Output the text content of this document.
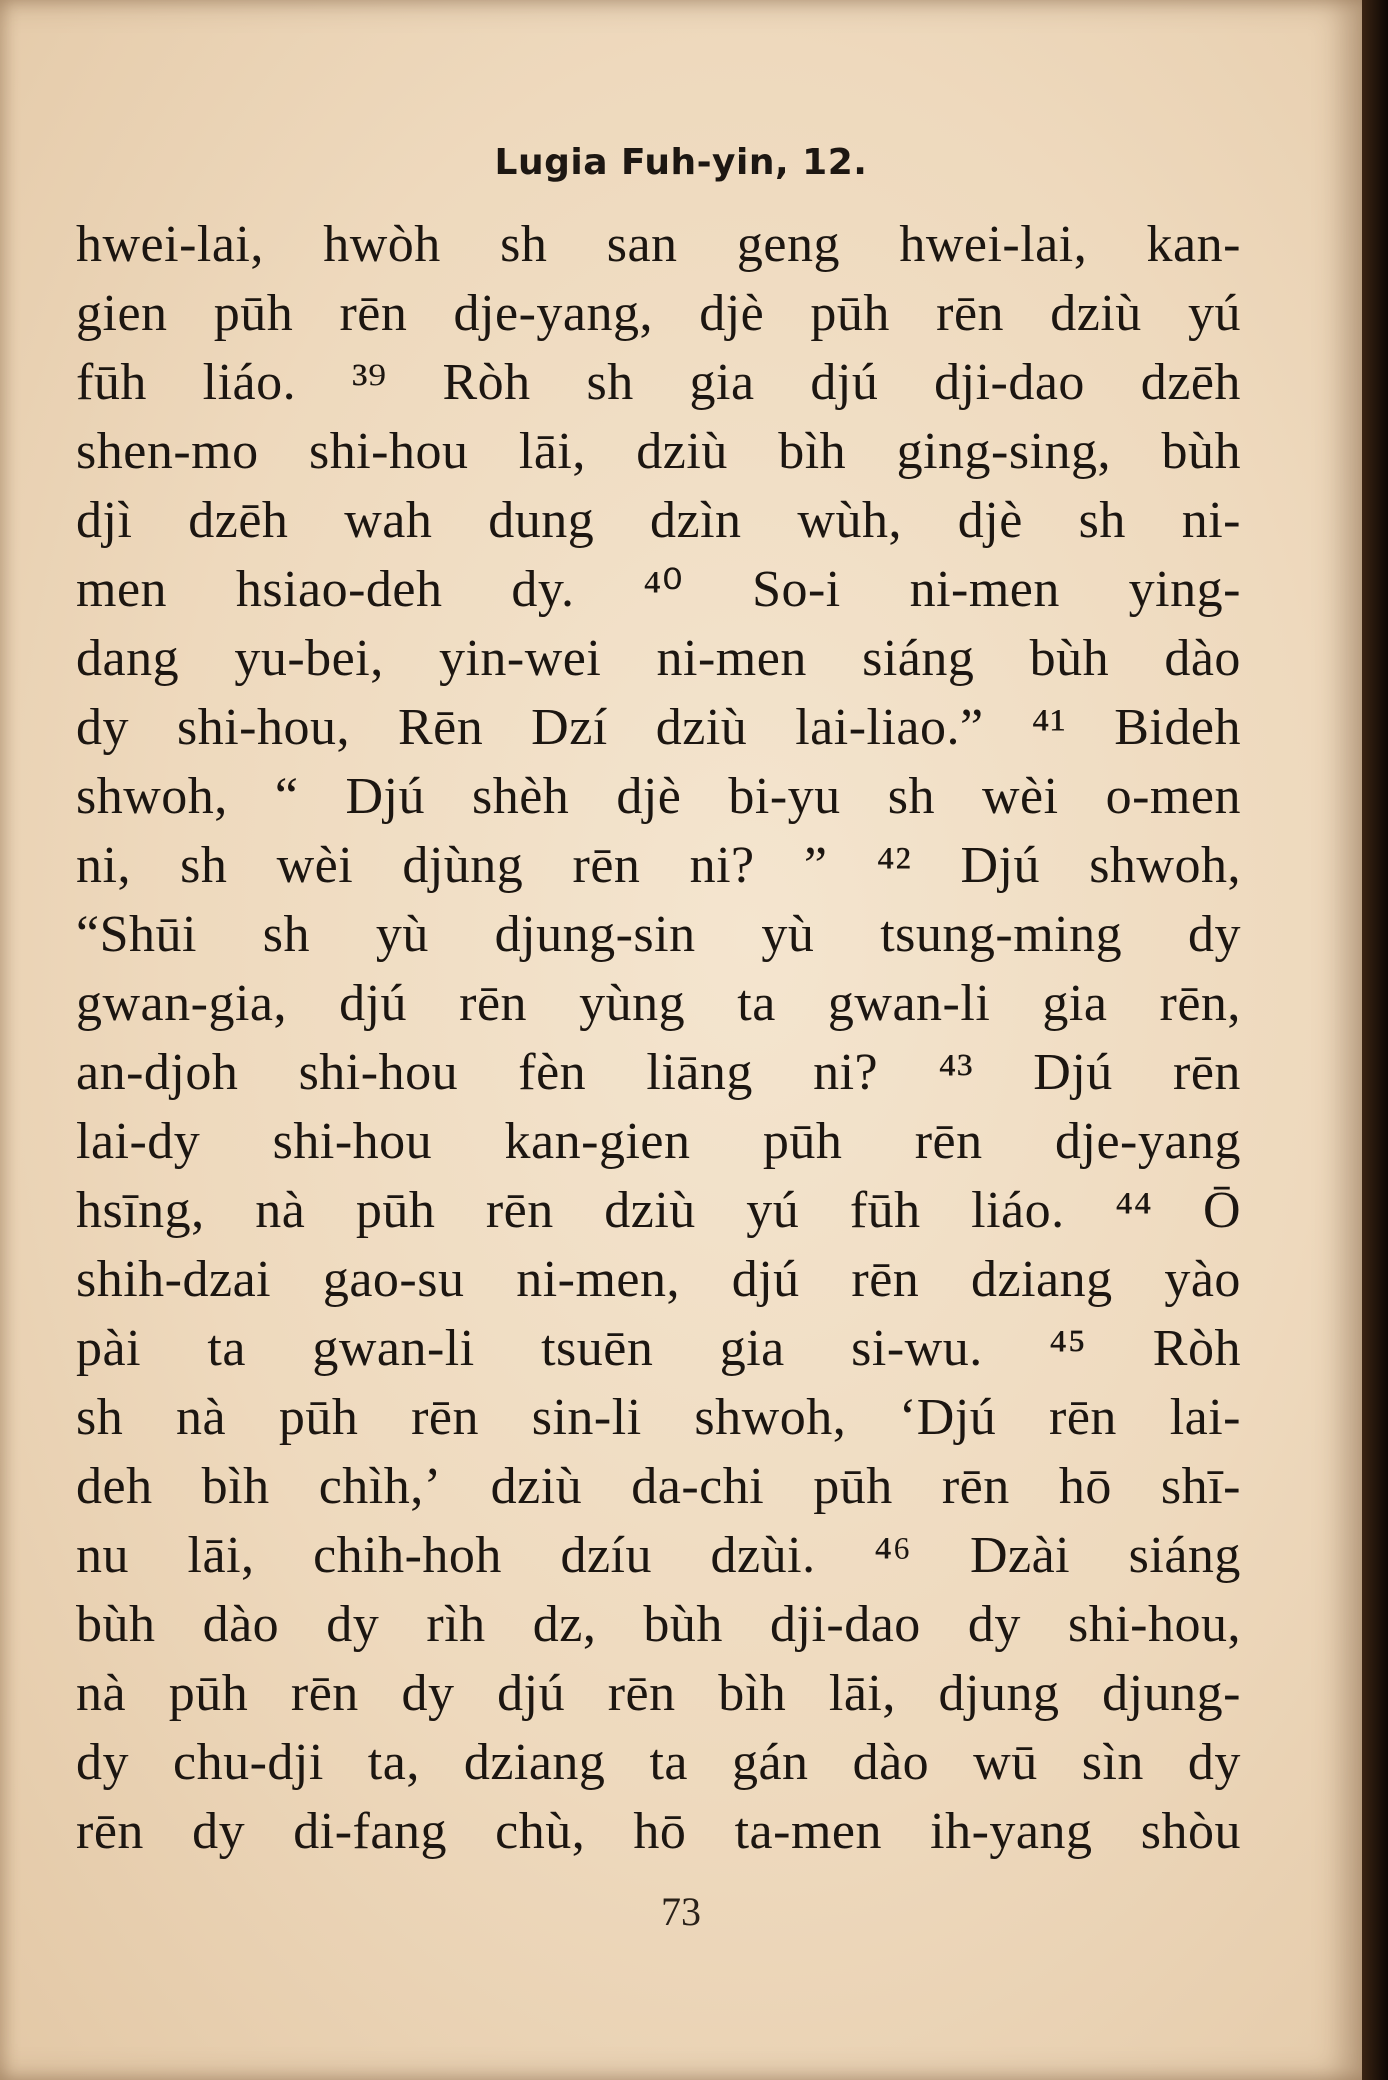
Lugia Fuh-yin, 12.
hwei-lai, hwòh sh san geng hwei-lai, kan-
gien pūh rēn dje-yang, djè pūh rēn dziù yú
fūh liáo. ³⁹ Ròh sh gia djú dji-dao dzēh
shen-mo shi-hou lāi, dziù bìh ging-sing, bùh
djì dzēh wah dung dzìn wùh, djè sh ni-
men hsiao-deh dy. ⁴⁰ So-i ni-men ying-
dang yu-bei, yin-wei ni-men siáng bùh dào
dy shi-hou, Rēn Dzí dziù lai-liao.” ⁴¹ Bideh
shwoh, “ Djú shèh djè bi-yu sh wèi o-men
ni, sh wèi djùng rēn ni? ” ⁴² Djú shwoh,
“Shūi sh yù djung-sin yù tsung-ming dy
gwan-gia, djú rēn yùng ta gwan-li gia rēn,
an-djoh shi-hou fèn liāng ni? ⁴³ Djú rēn
lai-dy shi-hou kan-gien pūh rēn dje-yang
hsīng, nà pūh rēn dziù yú fūh liáo. ⁴⁴ Ō
shih-dzai gao-su ni-men, djú rēn dziang yào
pài ta gwan-li tsuēn gia si-wu. ⁴⁵ Ròh
sh nà pūh rēn sin-li shwoh, ‘Djú rēn lai-
deh bìh chìh,’ dziù da-chi pūh rēn hō shī-
nu lāi, chih-hoh dzíu dzùi. ⁴⁶ Dzài siáng
bùh dào dy rìh dz, bùh dji-dao dy shi-hou,
nà pūh rēn dy djú rēn bìh lāi, djung djung-
dy chu-dji ta, dziang ta gán dào wū sìn dy
rēn dy di-fang chù, hō ta-men ih-yang shòu
73
